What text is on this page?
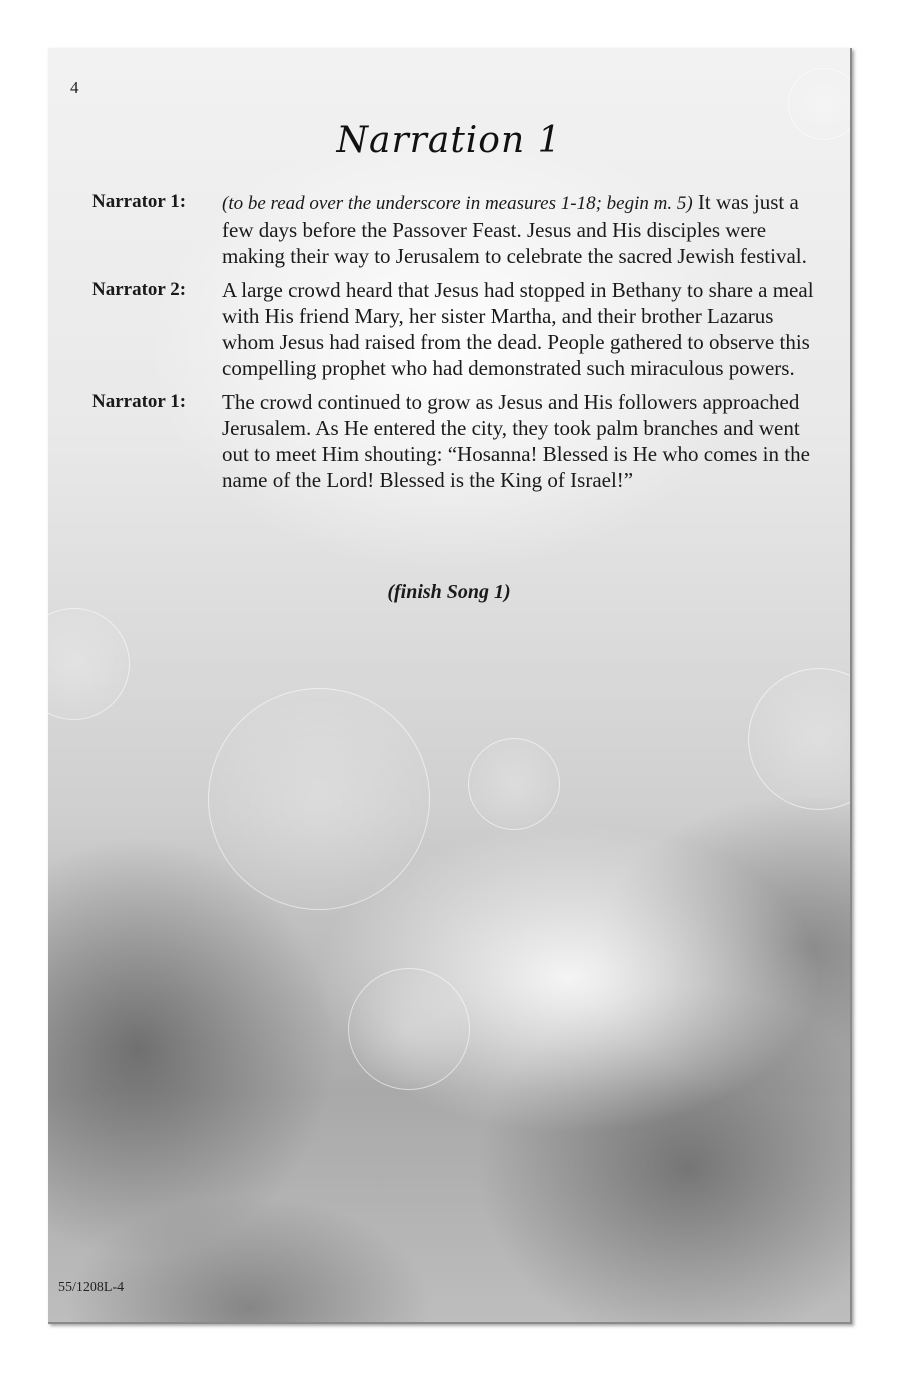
4
Narration 1
Narrator 1:	(to be read over the underscore in measures 1-18; begin m. 5) It was just a few days before the Passover Feast. Jesus and His disciples were making their way to Jerusalem to celebrate the sacred Jewish festival.
Narrator 2:	A large crowd heard that Jesus had stopped in Bethany to share a meal with His friend Mary, her sister Martha, and their brother Lazarus whom Jesus had raised from the dead. People gathered to observe this compelling prophet who had demonstrated such miraculous powers.
Narrator 1:	The crowd continued to grow as Jesus and His followers approached Jerusalem. As He entered the city, they took palm branches and went out to meet Him shouting: “Hosanna! Blessed is He who comes in the name of the Lord! Blessed is the King of Israel!”
(finish Song 1)
55/1208L-4
